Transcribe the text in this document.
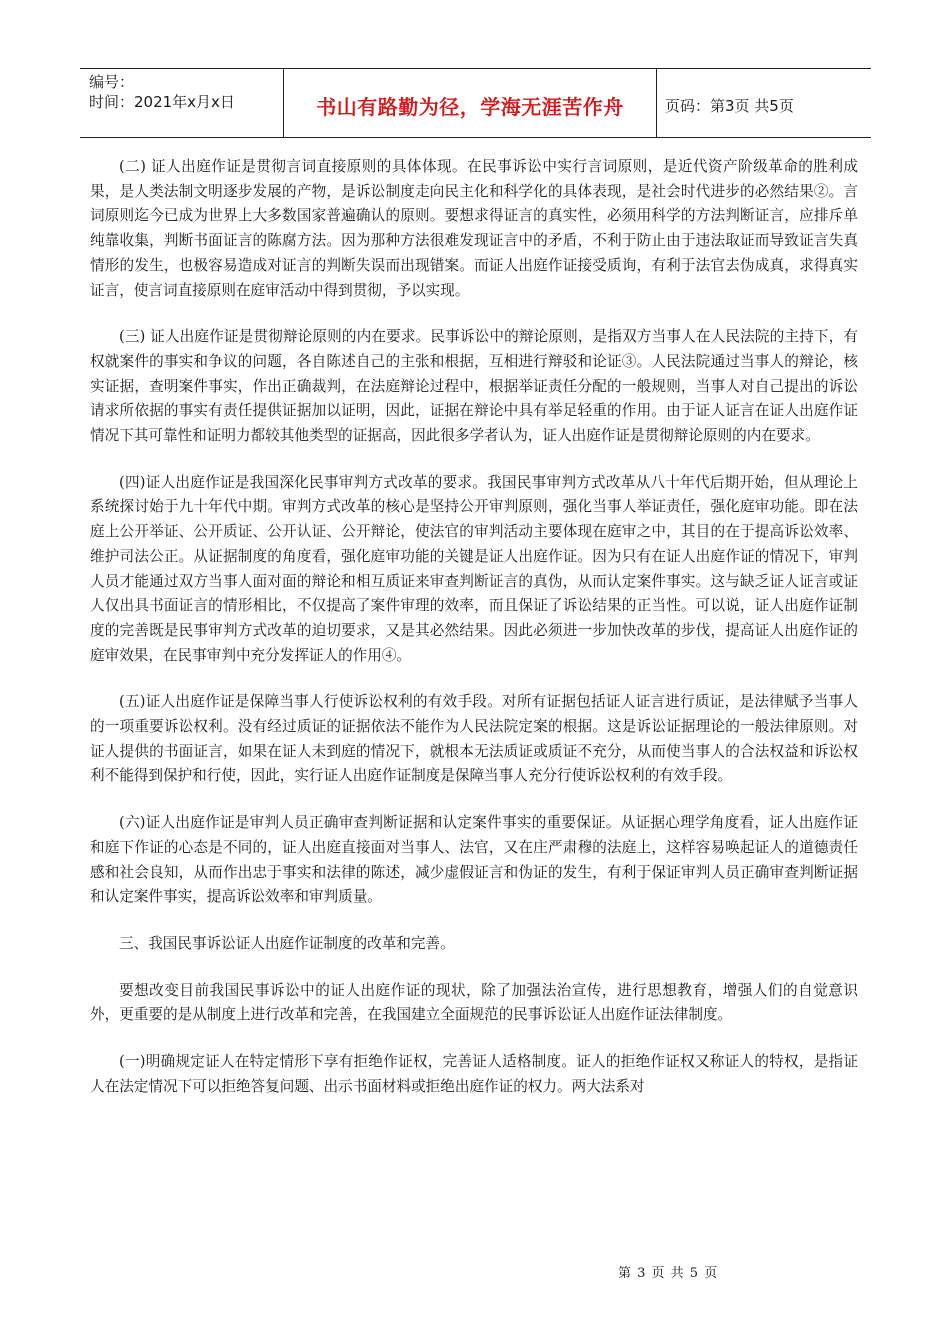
编号：
时间：2021年x月x日	书山有路勤为径，学海无涯苦作舟	页码：第3页 共5页

(二) 证人出庭作证是贯彻言词直接原则的具体体现。在民事诉讼中实行言词原则，是近代资产阶级革命的胜利成果，是人类法制文明逐步发展的产物，是诉讼制度走向民主化和科学化的具体表现，是社会时代进步的必然结果②。言词原则迄今已成为世界上大多数国家普遍确认的原则。要想求得证言的真实性，必须用科学的方法判断证言，应排斥单纯靠收集，判断书面证言的陈腐方法。因为那种方法很难发现证言中的矛盾，不利于防止由于违法取证而导致证言失真情形的发生，也极容易造成对证言的判断失误而出现错案。而证人出庭作证接受质询，有利于法官去伪成真，求得真实证言，使言词直接原则在庭审活动中得到贯彻，予以实现。

(三) 证人出庭作证是贯彻辩论原则的内在要求。民事诉讼中的辩论原则，是指双方当事人在人民法院的主持下，有权就案件的事实和争议的问题，各自陈述自己的主张和根据，互相进行辩驳和论证③。人民法院通过当事人的辩论，核实证据，查明案件事实，作出正确裁判，在法庭辩论过程中，根据举证责任分配的一般规则，当事人对自己提出的诉讼请求所依据的事实有责任提供证据加以证明，因此，证据在辩论中具有举足轻重的作用。由于证人证言在证人出庭作证情况下其可靠性和证明力都较其他类型的证据高，因此很多学者认为，证人出庭作证是贯彻辩论原则的内在要求。

(四)证人出庭作证是我国深化民事审判方式改革的要求。我国民事审判方式改革从八十年代后期开始，但从理论上系统探讨始于九十年代中期。审判方式改革的核心是坚持公开审判原则，强化当事人举证责任，强化庭审功能。即在法庭上公开举证、公开质证、公开认证、公开辩论，使法官的审判活动主要体现在庭审之中，其目的在于提高诉讼效率、维护司法公正。从证据制度的角度看，强化庭审功能的关键是证人出庭作证。因为只有在证人出庭作证的情况下，审判人员才能通过双方当事人面对面的辩论和相互质证来审查判断证言的真伪，从而认定案件事实。这与缺乏证人证言或证人仅出具书面证言的情形相比，不仅提高了案件审理的效率，而且保证了诉讼结果的正当性。可以说，证人出庭作证制度的完善既是民事审判方式改革的迫切要求，又是其必然结果。因此必须进一步加快改革的步伐，提高证人出庭作证的庭审效果，在民事审判中充分发挥证人的作用④。

(五)证人出庭作证是保障当事人行使诉讼权利的有效手段。对所有证据包括证人证言进行质证，是法律赋予当事人的一项重要诉讼权利。没有经过质证的证据依法不能作为人民法院定案的根据。这是诉讼证据理论的一般法律原则。对证人提供的书面证言，如果在证人未到庭的情况下，就根本无法质证或质证不充分，从而使当事人的合法权益和诉讼权利不能得到保护和行使，因此，实行证人出庭作证制度是保障当事人充分行使诉讼权利的有效手段。

(六)证人出庭作证是审判人员正确审查判断证据和认定案件事实的重要保证。从证据心理学角度看，证人出庭作证和庭下作证的心态是不同的，证人出庭直接面对当事人、法官，又在庄严肃穆的法庭上，这样容易唤起证人的道德责任感和社会良知，从而作出忠于事实和法律的陈述，减少虚假证言和伪证的发生，有利于保证审判人员正确审查判断证据和认定案件事实，提高诉讼效率和审判质量。

三、我国民事诉讼证人出庭作证制度的改革和完善。

要想改变目前我国民事诉讼中的证人出庭作证的现状，除了加强法治宣传，进行思想教育，增强人们的自觉意识外，更重要的是从制度上进行改革和完善，在我国建立全面规范的民事诉讼证人出庭作证法律制度。

(一)明确规定证人在特定情形下享有拒绝作证权，完善证人适格制度。证人的拒绝作证权又称证人的特权，是指证人在法定情况下可以拒绝答复问题、出示书面材料或拒绝出庭作证的权力。两大法系对

第 3 页 共 5 页
